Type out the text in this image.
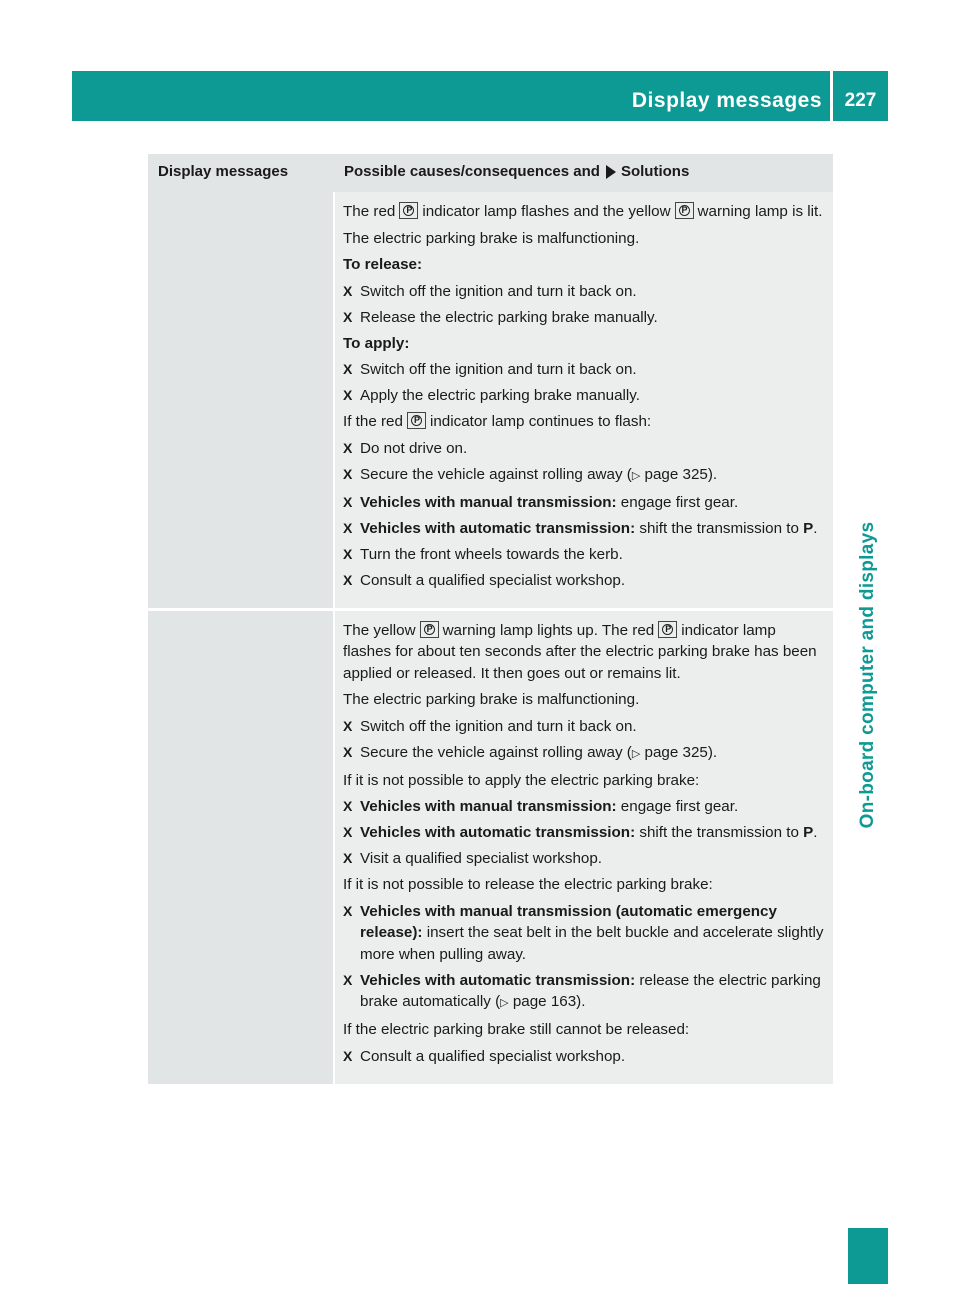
Display messages	227
On-board computer and displays
Display messages	Possible causes/consequences and Solutions
The red P indicator lamp flashes and the yellow P warning lamp is lit.
The electric parking brake is malfunctioning.
To release:
X Switch off the ignition and turn it back on.
X Release the electric parking brake manually.
To apply:
X Switch off the ignition and turn it back on.
X Apply the electric parking brake manually.
If the red P indicator lamp continues to flash:
X Do not drive on.
X Secure the vehicle against rolling away (▷ page 325).
X Vehicles with manual transmission: engage first gear.
X Vehicles with automatic transmission: shift the transmission to P.
X Turn the front wheels towards the kerb.
X Consult a qualified specialist workshop.
The yellow P warning lamp lights up. The red P indicator lamp flashes for about ten seconds after the electric parking brake has been applied or released. It then goes out or remains lit.
The electric parking brake is malfunctioning.
X Switch off the ignition and turn it back on.
X Secure the vehicle against rolling away (▷ page 325).
If it is not possible to apply the electric parking brake:
X Vehicles with manual transmission: engage first gear.
X Vehicles with automatic transmission: shift the transmission to P.
X Visit a qualified specialist workshop.
If it is not possible to release the electric parking brake:
X Vehicles with manual transmission (automatic emergency release): insert the seat belt in the belt buckle and accelerate slightly more when pulling away.
X Vehicles with automatic transmission: release the electric parking brake automatically (▷ page 163).
If the electric parking brake still cannot be released:
X Consult a qualified specialist workshop.
